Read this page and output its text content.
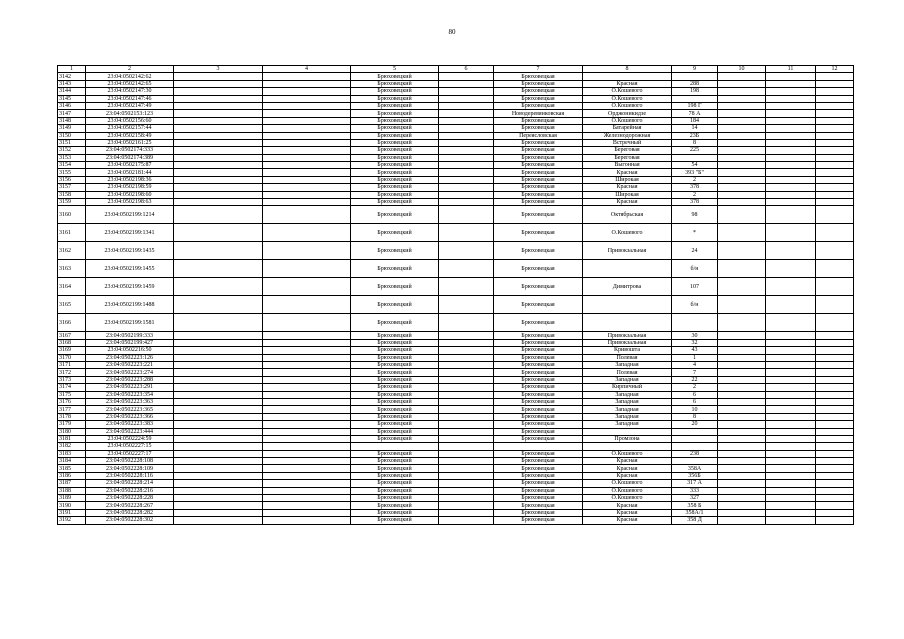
80
1	2	3	4	5	6	7	8	9	10	11	12
3142	23:04:0502142:62			Брюховецкий		Брюховецкая					
3143	23:04:0502142:65			Брюховецкий		Брюховецкая	Красная	288			
3144	23:04:0502147:30			Брюховецкий		Брюховецкая	О.Кошевого	198			
3145	23:04:0502147:46			Брюховецкий		Брюховецкая	О.Кошевого				
3146	23:04:0502147:49			Брюховецкий		Брюховецкая	О.Кошевого	198 Г			
3147	23:04:0502153:123			Брюховецкий		Новодеревянковская	Орджоникидзе	78 А			
3148	23:04:0502156:60			Брюховецкий		Брюховецкая	О.Кошевого	184			
3149	23:04:0502157:44			Брюховецкий		Брюховецкая	Батарейная	14			
3150	23:04:0502158:49			Брюховецкий		Переясловская	Железнодорожная	23Б			
3151	23:04:0502161:25			Брюховецкий		Брюховецкая	Встречный	8			
3152	23:04:0502174:333			Брюховецкий		Брюховецкая	Береговая	225			
3153	23:04:0502174:389			Брюховецкий		Брюховецкая	Береговая				
3154	23:04:0502175:87			Брюховецкий		Брюховецкая	Выгонная	54			
3155	23:04:0502181:44			Брюховецкий		Брюховецкая	Красная	393 "Б"			
3156	23:04:0502198:36			Брюховецкий		Брюховецкая	Широкая	2			
3157	23:04:0502198:59			Брюховецкий		Брюховецкая	Красная	378			
3158	23:04:0502198:60			Брюховецкий		Брюховецкая	Широкая	2			
3159	23:04:0502198:63			Брюховецкий		Брюховецкая	Красная	378			
3160	23:04:0502199:1214			Брюховецкий		Брюховецкая	Октябрьская	98			
3161	23:04:0502199:1341			Брюховецкий		Брюховецкая	О.Кошевого	*			
3162	23:04:0502199:1435			Брюховецкий		Брюховецкая	Привокзальная	24			
3163	23:04:0502199:1455			Брюховецкий		Брюховецкая		б/н			
3164	23:04:0502199:1459			Брюховецкий		Брюховецкая	Димитрова	107			
3165	23:04:0502199:1488			Брюховецкий		Брюховецкая		б/н			
3166	23:04:0502199:1581			Брюховецкий		Брюховецкая					
3167	23:04:0502199:333			Брюховецкий		Брюховецкая	Привокзальная	30			
3168	23:04:0502199:427			Брюховецкий		Брюховецкая	Привокзальная	32			
3169	23:04:0502216:50			Брюховецкий		Брюховецкая	Кривошта	43			
3170	23:04:0502223:126			Брюховецкий		Брюховецкая	Полевая	1			
3171	23:04:0502223:221			Брюховецкий		Брюховецкая	Западная	4			
3172	23:04:0502223:274			Брюховецкий		Брюховецкая	Полевая	7			
3173	23:04:0502223:288			Брюховецкий		Брюховецкая	Западная	22			
3174	23:04:0502223:291			Брюховецкий		Брюховецкая	Кирпичный	2			
3175	23:04:0502223:354			Брюховецкий		Брюховецкая	Западная	6			
3176	23:04:0502223:363			Брюховецкий		Брюховецкая	Западная	6			
3177	23:04:0502223:365			Брюховецкий		Брюховецкая	Западная	10			
3178	23:04:0502223:366			Брюховецкий		Брюховецкая	Западная	8			
3179	23:04:0502223:383			Брюховецкий		Брюховецкая	Западная	20			
3180	23:04:0502223:444			Брюховецкий		Брюховецкая					
3181	23:04:0502224:59			Брюховецкий		Брюховецкая	Промзона				
3182	23:04:0502227:15										
3183	23:04:0502227:17			Брюховецкий		Брюховецкая	О.Кошевого	238			
3184	23:04:0502228:108			Брюховецкий		Брюховецкая	Красная				
3185	23:04:0502228:109			Брюховецкий		Брюховецкая	Красная	358А			
3186	23:04:0502228:116			Брюховецкий		Брюховецкая	Красная	356Б			
3187	23:04:0502228:214			Брюховецкий		Брюховецкая	О.Кошевого	317 А			
3188	23:04:0502228:216			Брюховецкий		Брюховецкая	О.Кошевого	333			
3189	23:04:0502228:228			Брюховецкий		Брюховецкая	О.Кошевого	327			
3190	23:04:0502228:267			Брюховецкий		Брюховецкая	Красная	358 Б			
3191	23:04:0502228:282			Брюховецкий		Брюховецкая	Красная	358А/1			
3192	23:04:0502228:302			Брюховецкий		Брюховецкая	Красная	358 Д			
